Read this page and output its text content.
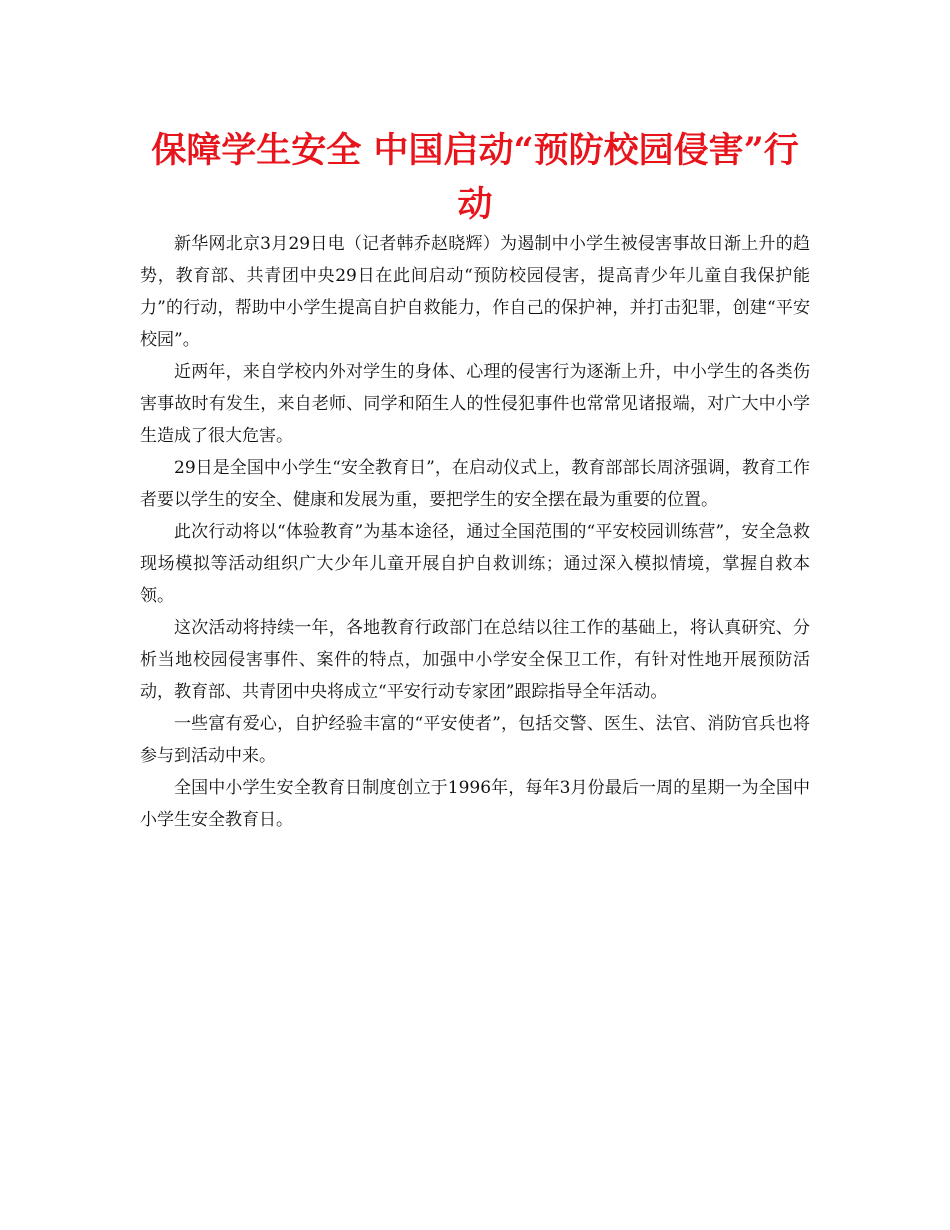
保障学生安全 中国启动“预防校园侵害”行动

新华网北京3月29日电（记者韩乔赵晓辉）为遏制中小学生被侵害事故日渐上升的趋势，教育部、共青团中央29日在此间启动“预防校园侵害，提高青少年儿童自我保护能力”的行动，帮助中小学生提高自护自救能力，作自己的保护神，并打击犯罪，创建“平安校园”。

近两年，来自学校内外对学生的身体、心理的侵害行为逐渐上升，中小学生的各类伤害事故时有发生，来自老师、同学和陌生人的性侵犯事件也常常见诸报端，对广大中小学生造成了很大危害。

29日是全国中小学生“安全教育日”，在启动仪式上，教育部部长周济强调，教育工作者要以学生的安全、健康和发展为重，要把学生的安全摆在最为重要的位置。

此次行动将以“体验教育”为基本途径，通过全国范围的“平安校园训练营”，安全急救现场模拟等活动组织广大少年儿童开展自护自救训练；通过深入模拟情境，掌握自救本领。

这次活动将持续一年，各地教育行政部门在总结以往工作的基础上，将认真研究、分析当地校园侵害事件、案件的特点，加强中小学安全保卫工作，有针对性地开展预防活动，教育部、共青团中央将成立“平安行动专家团”跟踪指导全年活动。

一些富有爱心，自护经验丰富的“平安使者”，包括交警、医生、法官、消防官兵也将参与到活动中来。

全国中小学生安全教育日制度创立于1996年，每年3月份最后一周的星期一为全国中小学生安全教育日。
